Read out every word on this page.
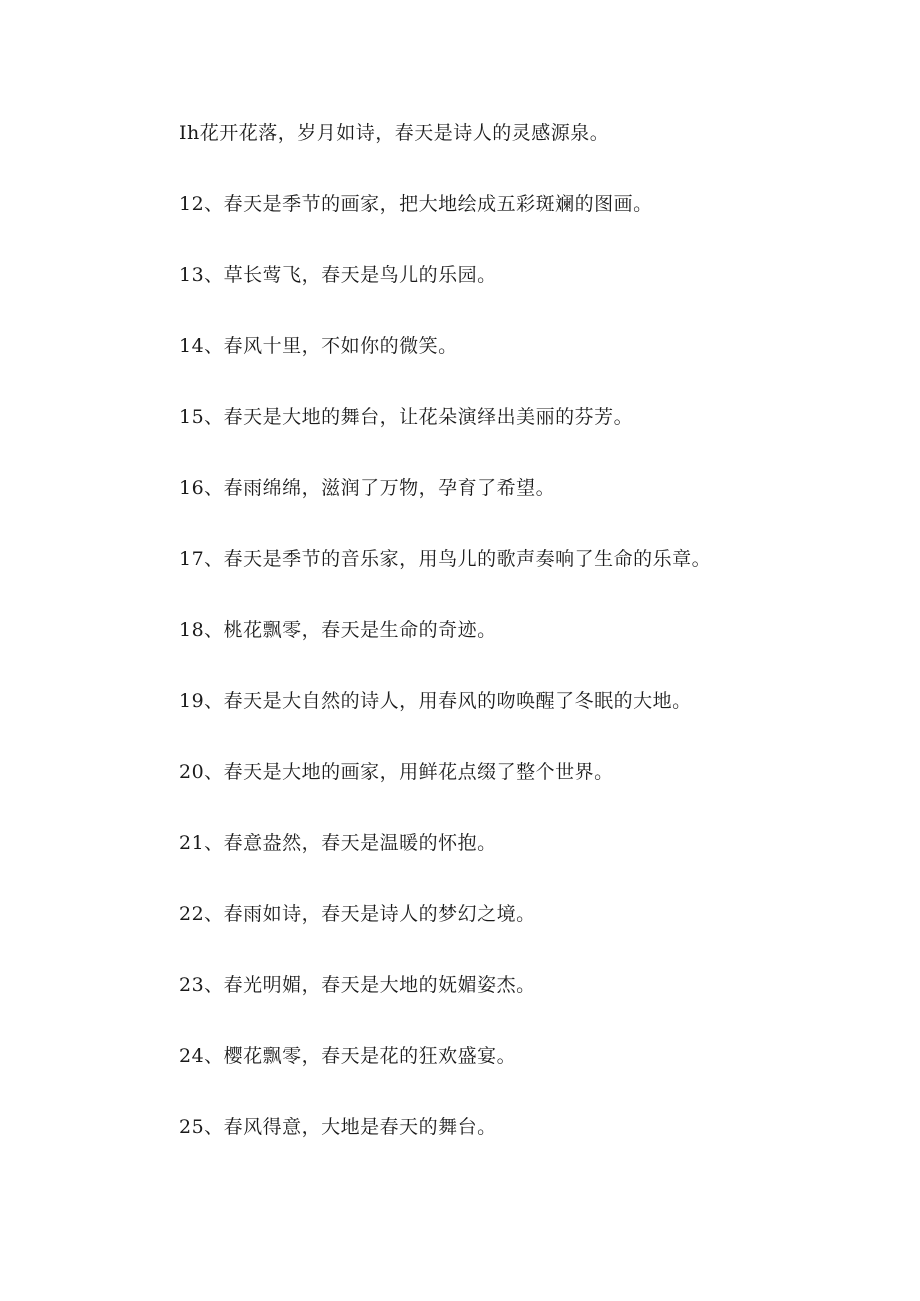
Ih花开花落，岁月如诗，春天是诗人的灵感源泉。
12、春天是季节的画家，把大地绘成五彩斑斓的图画。
13、草长莺飞，春天是鸟儿的乐园。
14、春风十里，不如你的微笑。
15、春天是大地的舞台，让花朵演绎出美丽的芬芳。
16、春雨绵绵，滋润了万物，孕育了希望。
17、春天是季节的音乐家，用鸟儿的歌声奏响了生命的乐章。
18、桃花飘零，春天是生命的奇迹。
19、春天是大自然的诗人，用春风的吻唤醒了冬眠的大地。
20、春天是大地的画家，用鲜花点缀了整个世界。
21、春意盎然，春天是温暖的怀抱。
22、春雨如诗，春天是诗人的梦幻之境。
23、春光明媚，春天是大地的妩媚姿杰。
24、樱花飘零，春天是花的狂欢盛宴。
25、春风得意，大地是春天的舞台。
